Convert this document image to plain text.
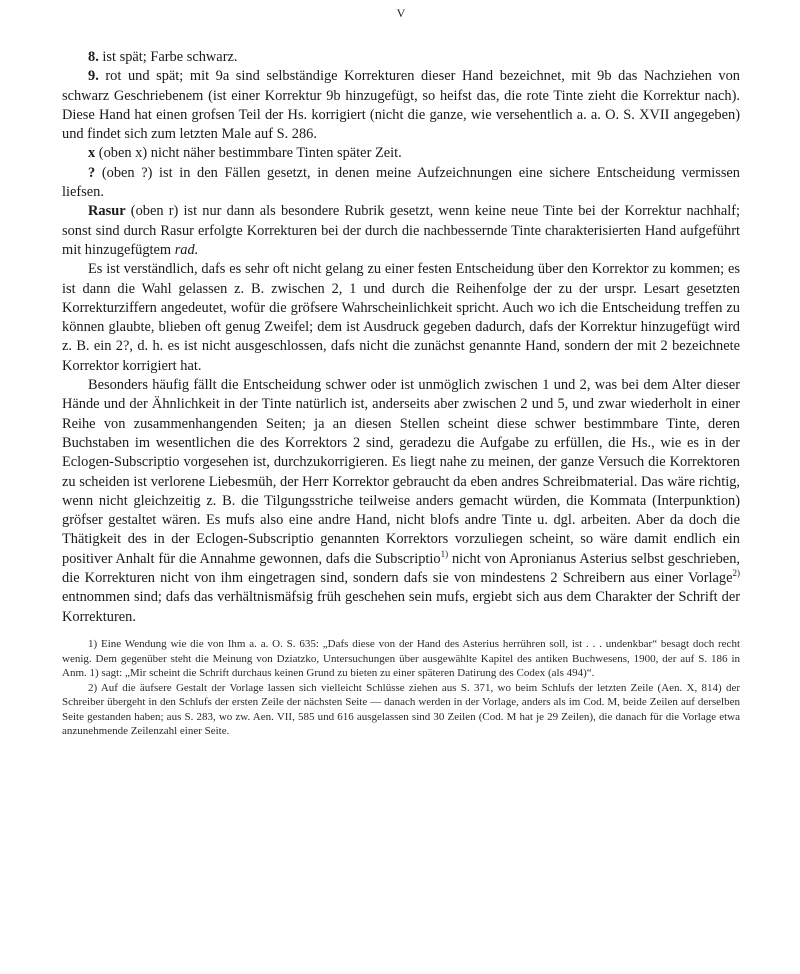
V

8. ist spät; Farbe schwarz.

9. rot und spät; mit 9a sind selbständige Korrekturen dieser Hand bezeichnet, mit 9b das Nachziehen von schwarz Geschriebenem (ist einer Korrektur 9b hinzugefügt, so heifst das, die rote Tinte zieht die Korrektur nach). Diese Hand hat einen grofsen Teil der Hs. korrigiert (nicht die ganze, wie versehentlich a. a. O. S. XVII angegeben) und findet sich zum letzten Male auf S. 286.

x (oben x) nicht näher bestimmbare Tinten später Zeit.

? (oben ?) ist in den Fällen gesetzt, in denen meine Aufzeichnungen eine sichere Entscheidung vermissen liefsen.

Rasur (oben r) ist nur dann als besondere Rubrik gesetzt, wenn keine neue Tinte bei der Korrektur nachhalf; sonst sind durch Rasur erfolgte Korrekturen bei der durch die nachbessernde Tinte charakterisierten Hand aufgeführt mit hinzugefügtem rad.

Es ist verständlich, dafs es sehr oft nicht gelang zu einer festen Entscheidung über den Korrektor zu kommen; es ist dann die Wahl gelassen z. B. zwischen 2, 1 und durch die Reihenfolge der zu der urspr. Lesart gesetzten Korrekturziffern angedeutet, wofür die gröfsere Wahrscheinlichkeit spricht. Auch wo ich die Entscheidung treffen zu können glaubte, blieben oft genug Zweifel; dem ist Ausdruck gegeben dadurch, dafs der Korrektur hinzugefügt wird z. B. ein 2?, d. h. es ist nicht ausgeschlossen, dafs nicht die zunächst genannte Hand, sondern der mit 2 bezeichnete Korrektor korrigiert hat.

Besonders häufig fällt die Entscheidung schwer oder ist unmöglich zwischen 1 und 2, was bei dem Alter dieser Hände und der Ähnlichkeit in der Tinte natürlich ist, anderseits aber zwischen 2 und 5, und zwar wiederholt in einer Reihe von zusammenhangenden Seiten; ja an diesen Stellen scheint diese schwer bestimmbare Tinte, deren Buchstaben im wesentlichen die des Korrektors 2 sind, geradezu die Aufgabe zu erfüllen, die Hs., wie es in der Eclogen-Subscriptio vorgesehen ist, durchzukorrigieren. Es liegt nahe zu meinen, der ganze Versuch die Korrektoren zu scheiden ist verlorene Liebesmüh, der Herr Korrektor gebraucht da eben andres Schreibmaterial. Das wäre richtig, wenn nicht gleichzeitig z. B. die Tilgungsstriche teilweise anders gemacht würden, die Kommata (Interpunktion) gröfser gestaltet wären. Es mufs also eine andre Hand, nicht blofs andre Tinte u. dgl. arbeiten. Aber da doch die Thätigkeit des in der Eclogen-Subscriptio genannten Korrektors vorzuliegen scheint, so wäre damit endlich ein positiver Anhalt für die Annahme gewonnen, dafs die Subscriptio$^{1)}$ nicht von Apronianus Asterius selbst geschrieben, die Korrekturen nicht von ihm eingetragen sind, sondern dafs sie von mindestens 2 Schreibern aus einer Vorlage$^{2)}$ entnommen sind; dafs das verhältnismäfsig früh geschehen sein mufs, ergiebt sich aus dem Charakter der Schrift der Korrekturen.

1) Eine Wendung wie die von Ihm a. a. O. S. 635: „Dafs diese von der Hand des Asterius herrühren soll, ist . . . undenkbar“ besagt doch recht wenig. Dem gegenüber steht die Meinung von Dziatzko, Untersuchungen über ausgewählte Kapitel des antiken Buchwesens, 1900, der auf S. 186 in Anm. 1) sagt: „Mir scheint die Schrift durchaus keinen Grund zu bieten zu einer späteren Datirung des Codex (als 494)“.

2) Auf die äufsere Gestalt der Vorlage lassen sich vielleicht Schlüsse ziehen aus S. 371, wo beim Schlufs der letzten Zeile (Aen. X, 814) der Schreiber übergeht in den Schlufs der ersten Zeile der nächsten Seite — danach werden in der Vorlage, anders als im Cod. M, beide Zeilen auf derselben Seite gestanden haben; aus S. 283, wo zw. Aen. VII, 585 und 616 ausgelassen sind 30 Zeilen (Cod. M hat je 29 Zeilen), die danach für die Vorlage etwa anzunehmende Zeilenzahl einer Seite.
